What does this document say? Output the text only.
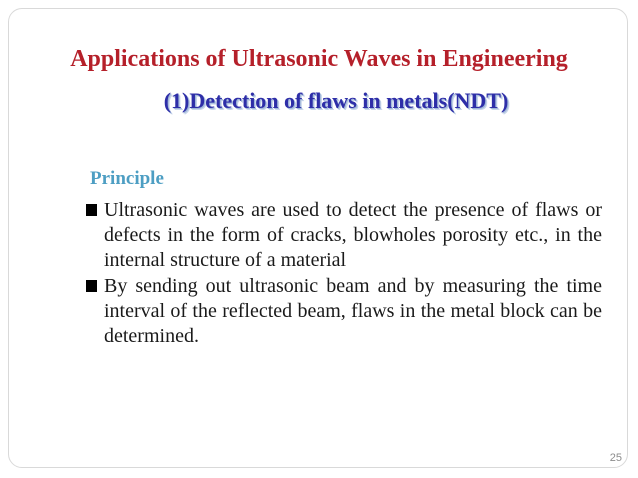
Applications of Ultrasonic Waves in Engineering
(1)Detection of flaws in metals(NDT)
Principle
Ultrasonic waves are used to detect the presence of flaws or defects in the form of cracks, blowholes porosity etc., in the internal structure of a material
By sending out ultrasonic beam and by measuring the time interval of the reflected beam, flaws in the metal block can be determined.
25
